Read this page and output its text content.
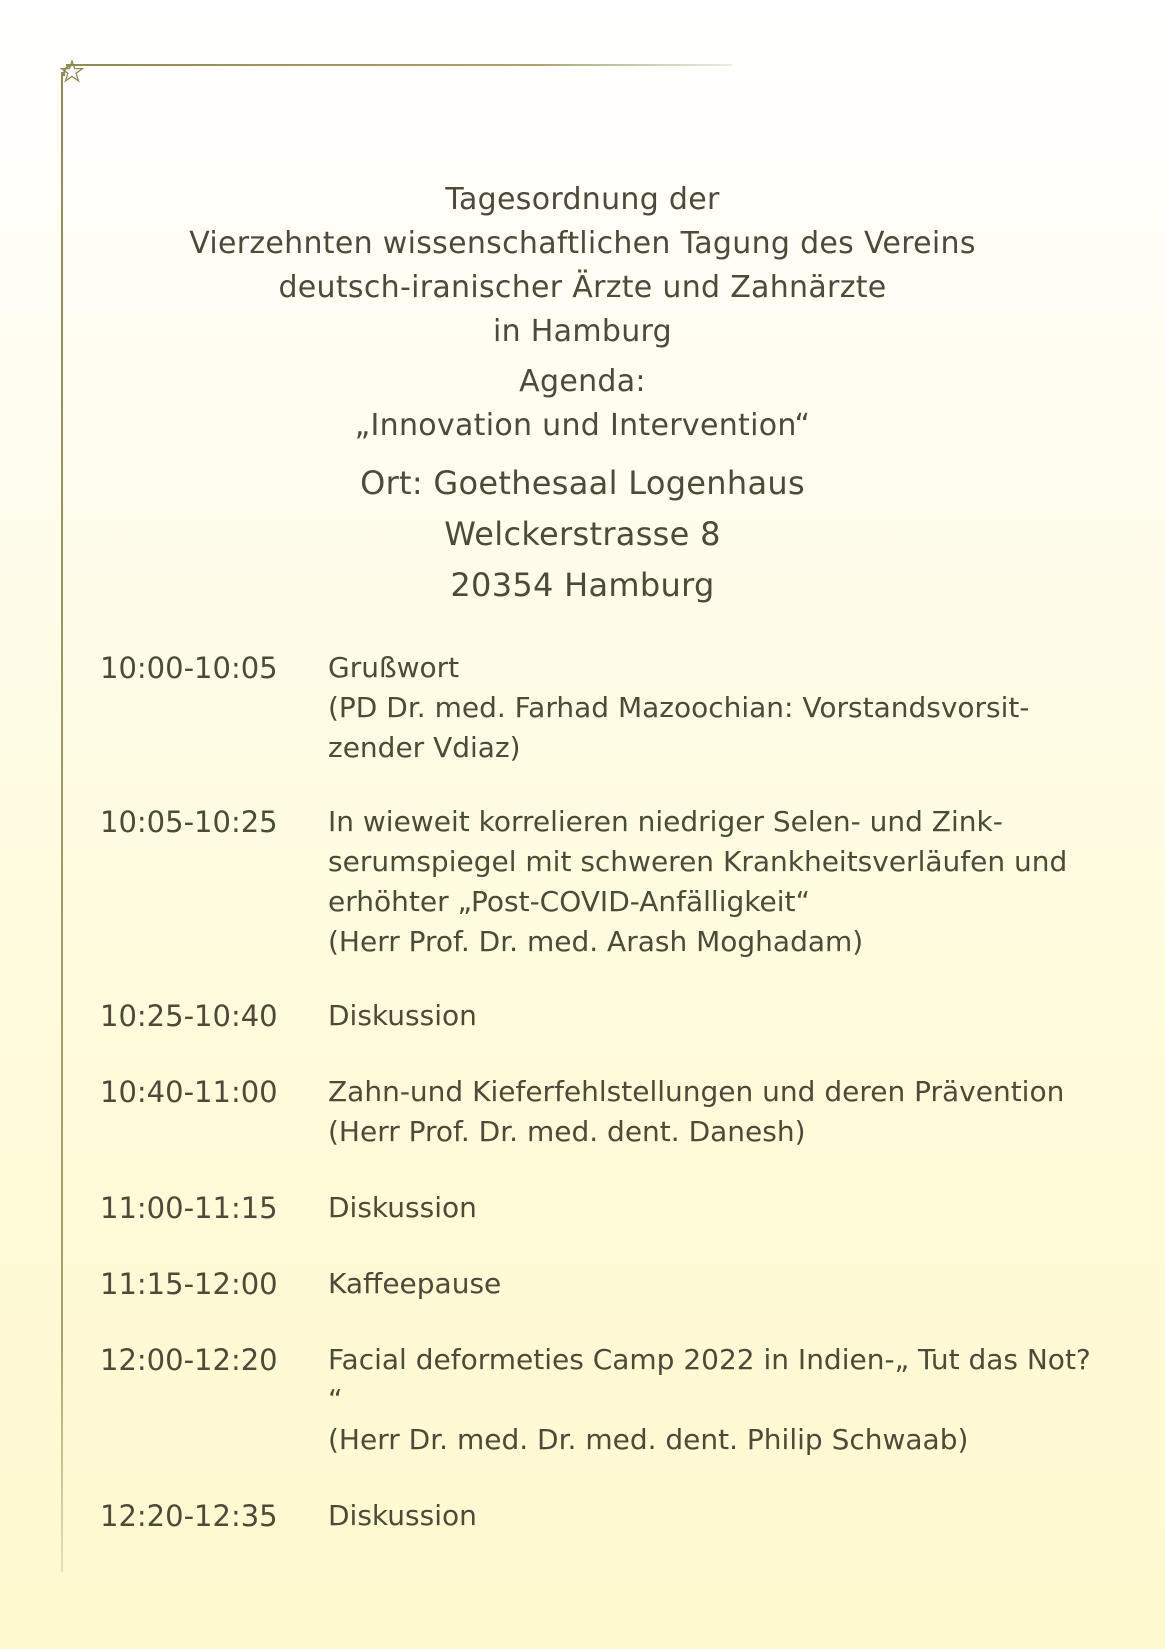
Tagesordnung der
Vierzehnten wissenschaftlichen Tagung des Vereins
deutsch-iranischer Ärzte und Zahnärzte
in Hamburg
Agenda:
„Innovation und Intervention“
Ort: Goethesaal Logenhaus
Welckerstrasse 8
20354 Hamburg
10:00-10:05	Grußwort
(PD Dr. med. Farhad Mazoochian: Vorstandsvorsit- zender Vdiaz)
10:05-10:25	In wieweit korrelieren niedriger Selen- und Zink- serumspiegel mit schweren Krankheitsverläufen und erhöhter „Post-COVID-Anfälligkeit“
(Herr Prof. Dr. med. Arash Moghadam)
10:25-10:40	Diskussion
10:40-11:00	Zahn-und Kieferfehlstellungen und deren Prävention
(Herr Prof. Dr. med. dent. Danesh)
11:00-11:15	Diskussion
11:15-12:00	Kaffeepause
12:00-12:20	Facial deformeties Camp 2022 in Indien-„ Tut das Not? “
(Herr Dr. med. Dr. med. dent. Philip Schwaab)
12:20-12:35	Diskussion
